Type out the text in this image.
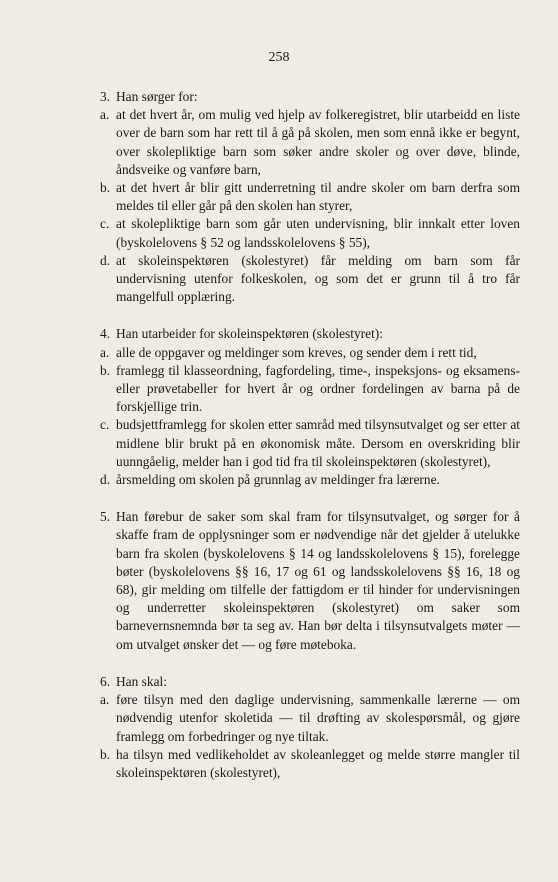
258
3. Han sørger for:
a. at det hvert år, om mulig ved hjelp av folkeregistret, blir utarbeidd en liste over de barn som har rett til å gå på skolen, men som ennå ikke er begynt, over skolepliktige barn som søker andre skoler og over døve, blinde, åndsveike og vanføre barn,
b. at det hvert år blir gitt underretning til andre skoler om barn derfra som meldes til eller går på den skolen han styrer,
c. at skolepliktige barn som går uten undervisning, blir innkalt etter loven (byskolelovens § 52 og landsskolelovens § 55),
d. at skoleinspektøren (skolestyret) får melding om barn som får undervisning utenfor folkeskolen, og som det er grunn til å tro får mangelfull opplæring.
4. Han utarbeider for skoleinspektøren (skolestyret):
a. alle de oppgaver og meldinger som kreves, og sender dem i rett tid,
b. framlegg til klasseordning, fagfordeling, time-, inspeksjons- og eksamens- eller prøvetabeller for hvert år og ordner fordelingen av barna på de forskjellige trin.
c. budsjettframlegg for skolen etter samråd med tilsynsutvalget og ser etter at midlene blir brukt på en økonomisk måte. Dersom en overskriding blir uunngåelig, melder han i god tid fra til skoleinspektøren (skolestyret),
d. årsmelding om skolen på grunnlag av meldinger fra lærerne.
5. Han førebur de saker som skal fram for tilsynsutvalget, og sørger for å skaffe fram de opplysninger som er nødvendige når det gjelder å utelukke barn fra skolen (byskolelovens § 14 og landsskolelovens § 15), forelegge bøter (byskolelovens §§ 16, 17 og 61 og landsskolelovens §§ 16, 18 og 68), gir melding om tilfelle der fattigdom er til hinder for undervisningen og underretter skoleinspektøren (skolestyret) om saker som barnevernsnemnda bør ta seg av. Han bør delta i tilsynsutvalgets møter — om utvalget ønsker det — og føre møteboka.
6. Han skal:
a. føre tilsyn med den daglige undervisning, sammenkalle lærerne — om nødvendig utenfor skoletida — til drøfting av skolespørsmål, og gjøre framlegg om forbedringer og nye tiltak.
b. ha tilsyn med vedlikeholdet av skoleanlegget og melde større mangler til skoleinspektøren (skolestyret),
